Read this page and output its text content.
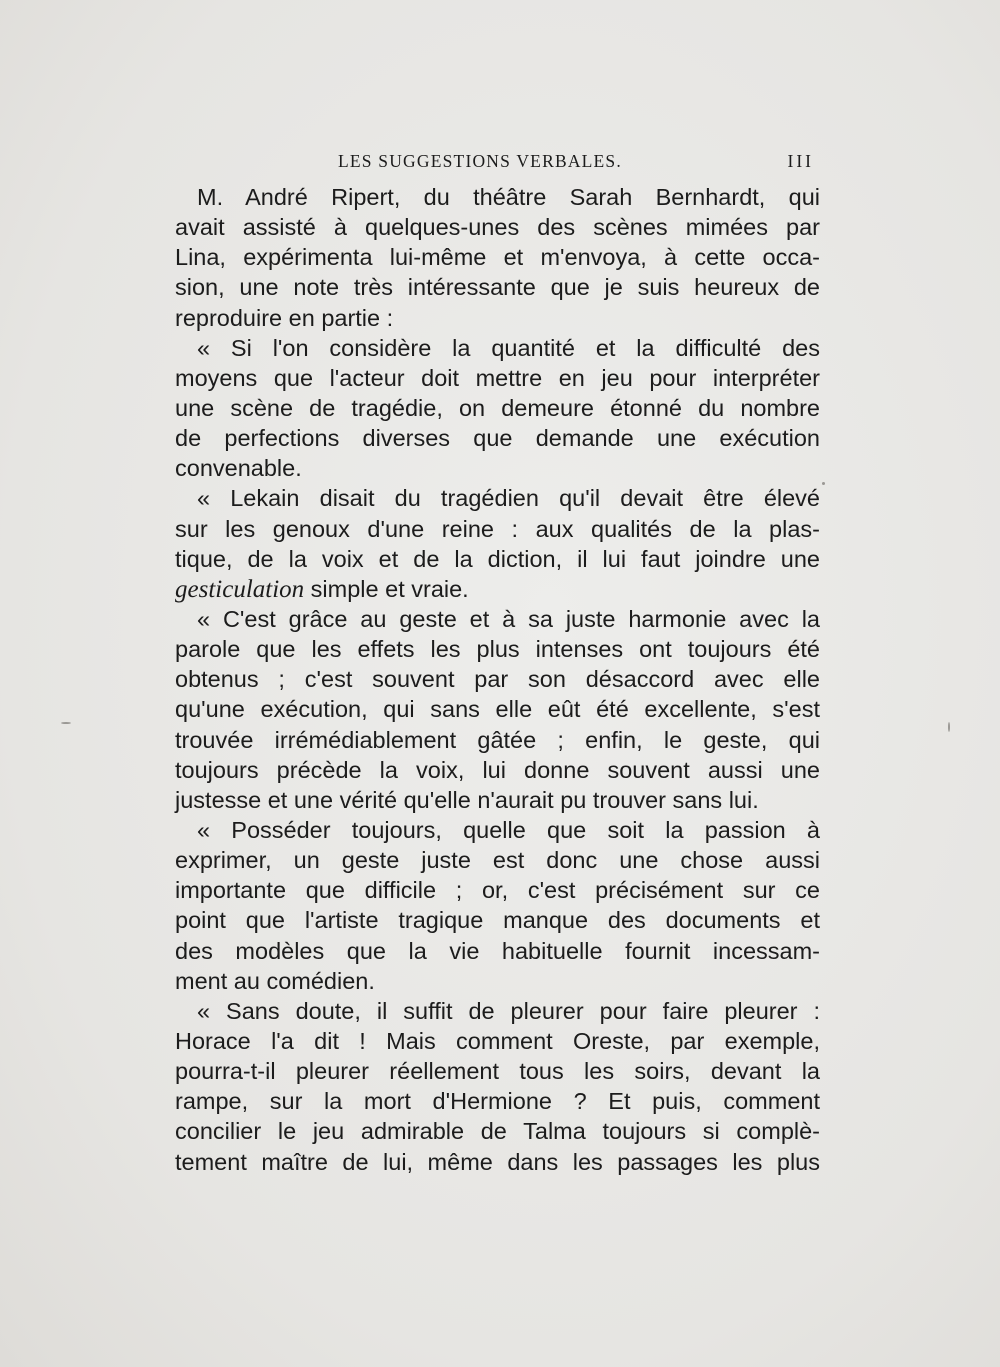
LES SUGGESTIONS VERBALES.	III
M. André Ripert, du théâtre Sarah Bernhardt, qui
avait assisté à quelques-unes des scènes mimées par
Lina, expérimenta lui-même et m'envoya, à cette occa-
sion, une note très intéressante que je suis heureux de
reproduire en partie :
« Si l'on considère la quantité et la difficulté des
moyens que l'acteur doit mettre en jeu pour interpréter
une scène de tragédie, on demeure étonné du nombre
de perfections diverses que demande une exécution
convenable.
« Lekain disait du tragédien qu'il devait être élevé
sur les genoux d'une reine : aux qualités de la plas-
tique, de la voix et de la diction, il lui faut joindre une
gesticulation simple et vraie.
« C'est grâce au geste et à sa juste harmonie avec la
parole que les effets les plus intenses ont toujours été
obtenus ; c'est souvent par son désaccord avec elle
qu'une exécution, qui sans elle eût été excellente, s'est
trouvée irrémédiablement gâtée ; enfin, le geste, qui
toujours précède la voix, lui donne souvent aussi une
justesse et une vérité qu'elle n'aurait pu trouver sans lui.
« Posséder toujours, quelle que soit la passion à
exprimer, un geste juste est donc une chose aussi
importante que difficile ; or, c'est précisément sur ce
point que l'artiste tragique manque des documents et
des modèles que la vie habituelle fournit incessam-
ment au comédien.
« Sans doute, il suffit de pleurer pour faire pleurer :
Horace l'a dit ! Mais comment Oreste, par exemple,
pourra-t-il pleurer réellement tous les soirs, devant la
rampe, sur la mort d'Hermione ? Et puis, comment
concilier le jeu admirable de Talma toujours si complè-
tement maître de lui, même dans les passages les plus
